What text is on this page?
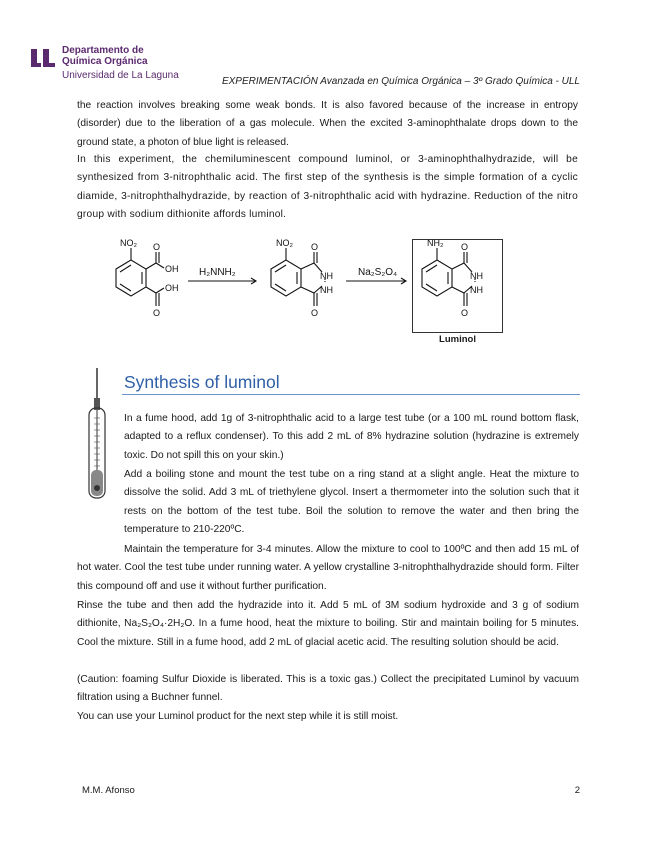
Departamento de
Química Orgánica
Universidad de La Laguna
EXPERIMENTACIÓN Avanzada en Química Orgánica – 3º Grado Química - ULL
the reaction involves breaking some weak bonds. It is also favored because of the increase in entropy (disorder) due to the liberation of a gas molecule. When the excited 3-aminophthalate drops down to the ground state, a photon of blue light is released.
In this experiment, the chemiluminescent compound luminol, or 3-aminophthalhydrazide, will be synthesized from 3-nitrophthalic acid. The first step of the synthesis is the simple formation of a cyclic diamide, 3-nitrophthalhydrazide, by reaction of 3-nitrophthalic acid with hydrazine. Reduction of the nitro group with sodium dithionite affords luminol.
NO₂ O
OH
OH
O
H₂NNH₂
NO₂ O
NH
NH
O
Na₂S₂O₄
NH₂ O
NH
NH
O
Luminol
Synthesis of luminol
In a fume hood, add 1g of 3-nitrophthalic acid to a large test tube (or a 100 mL round bottom flask, adapted to a reflux condenser). To this add 2 mL of 8% hydrazine solution (hydrazine is extremely toxic. Do not spill this on your skin.)
Add a boiling stone and mount the test tube on a ring stand at a slight angle. Heat the mixture to dissolve the solid. Add 3 mL of triethylene glycol. Insert a thermometer into the solution such that it rests on the bottom of the test tube. Boil the solution to remove the water and then bring the temperature to 210-220ºC.
Maintain the temperature for 3-4 minutes. Allow the mixture to cool to 100ºC and then add 15 mL of hot water. Cool the test tube under running water. A yellow crystalline 3-nitrophthalhydrazide should form. Filter this compound off and use it without further purification.
Rinse the tube and then add the hydrazide into it. Add 5 mL of 3M sodium hydroxide and 3 g of sodium dithionite, Na₂S₂O₄·2H₂O. In a fume hood, heat the mixture to boiling. Stir and maintain boiling for 5 minutes. Cool the mixture. Still in a fume hood, add 2 mL of glacial acetic acid. The resulting solution should be acid.
(Caution: foaming Sulfur Dioxide is liberated. This is a toxic gas.) Collect the precipitated Luminol by vacuum filtration using a Buchner funnel.
You can use your Luminol product for the next step while it is still moist.
M.M. Afonso	2
